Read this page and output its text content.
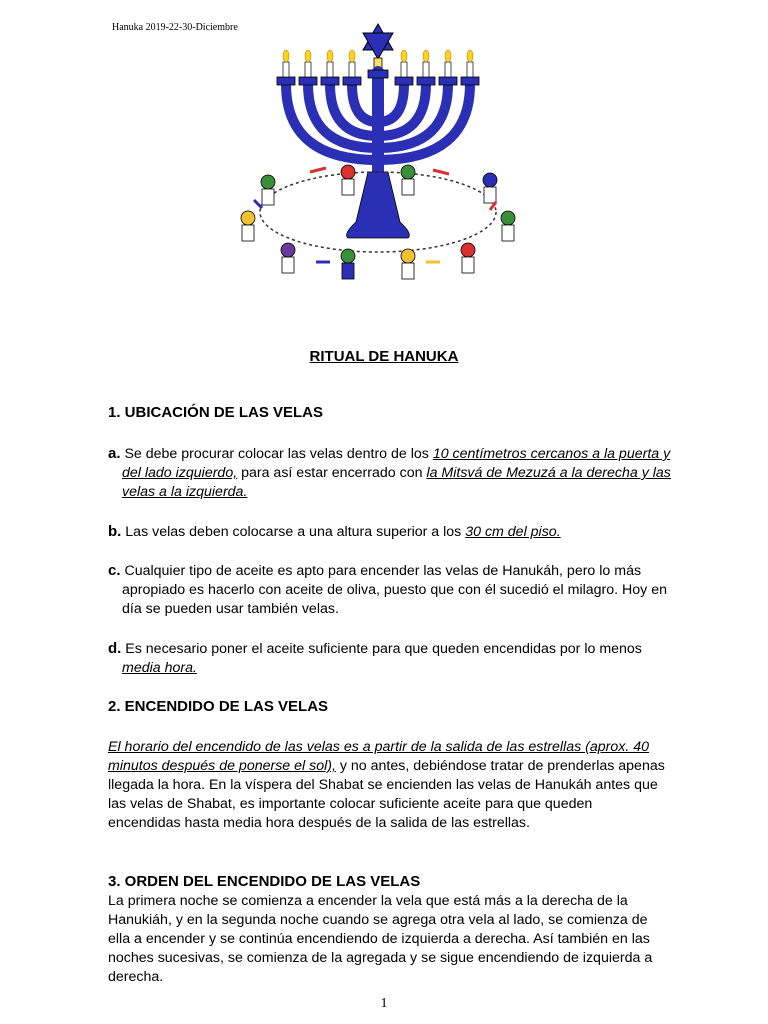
Hanuka 2019-22-30-Diciembre
RITUAL DE HANUKA
1. UBICACIÓN DE LAS VELAS
a. Se debe procurar colocar las velas dentro de los 10 centímetros cercanos a la puerta y del lado izquierdo, para así estar encerrado con la Mitsvá de Mezuzá a la derecha y las velas a la izquierda.
b. Las velas deben colocarse a una altura superior a los 30 cm del piso.
c. Cualquier tipo de aceite es apto para encender las velas de Hanukáh, pero lo más apropiado es hacerlo con aceite de oliva, puesto que con él sucedió el milagro. Hoy en día se pueden usar también velas.
d. Es necesario poner el aceite suficiente para que queden encendidas por lo menos media hora.
2. ENCENDIDO DE LAS VELAS
El horario del encendido de las velas es a partir de la salida de las estrellas (aprox. 40 minutos después de ponerse el sol), y no antes, debiéndose tratar de prenderlas apenas llegada la hora. En la víspera del Shabat se encienden las velas de Hanukáh antes que las velas de Shabat, es importante colocar suficiente aceite para que queden encendidas hasta media hora después de la salida de las estrellas.
3. ORDEN DEL ENCENDIDO DE LAS VELAS
La primera noche se comienza a encender la vela que está más a la derecha de la Hanukiáh, y en la segunda noche cuando se agrega otra vela al lado, se comienza de ella a encender y se continúa encendiendo de izquierda a derecha. Así también en las noches sucesivas, se comienza de la agregada y se sigue encendiendo de izquierda a derecha.
1
